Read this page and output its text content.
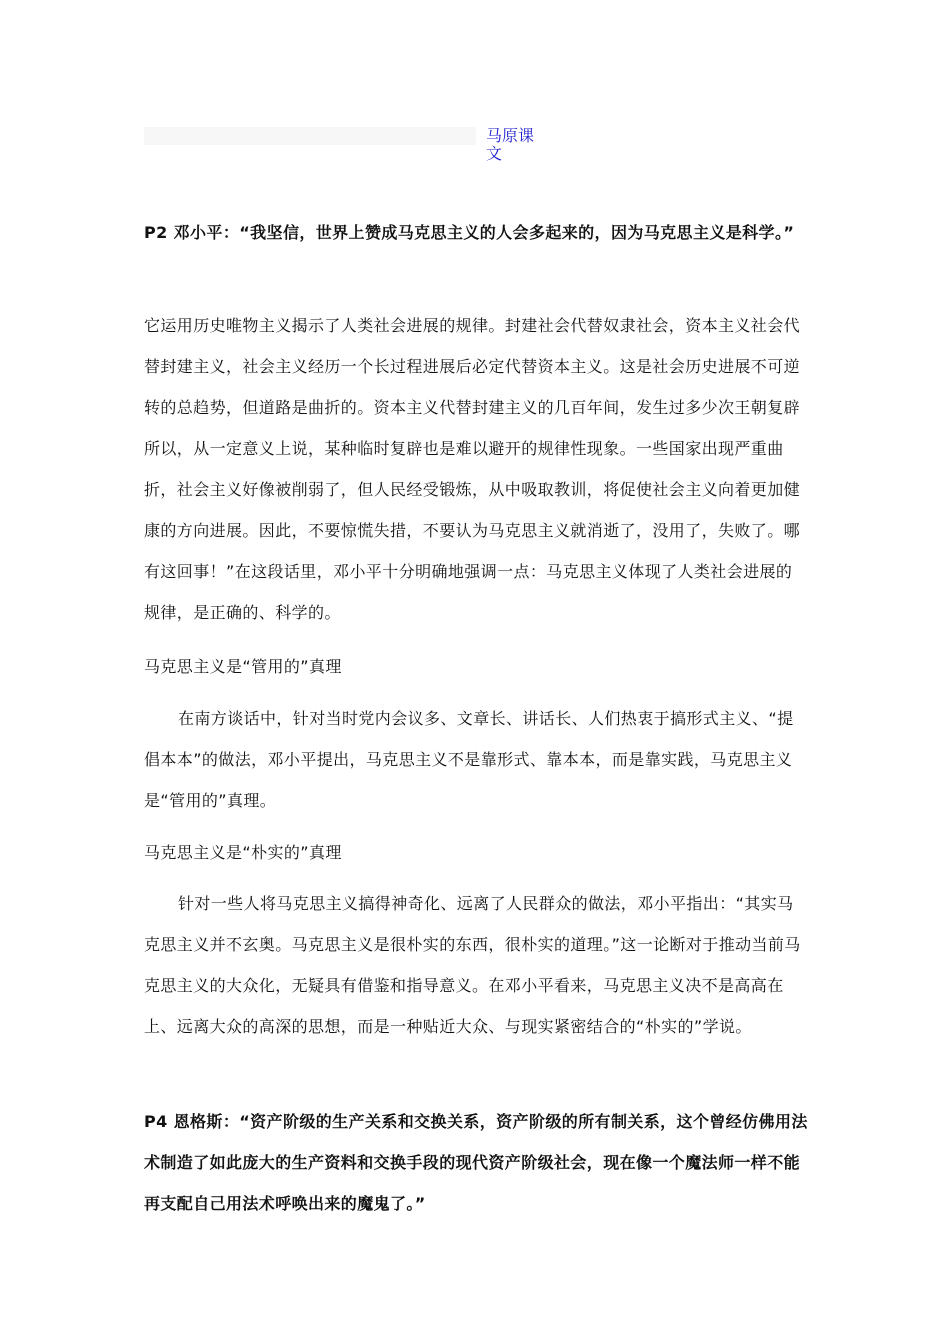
马原课文
P2 邓小平：“我坚信，世界上赞成马克思主义的人会多起来的，因为马克思主义是科学。”
它运用历史唯物主义揭示了人类社会进展的规律。封建社会代替奴隶社会，资本主义社会代替封建主义，社会主义经历一个长过程进展后必定代替资本主义。这是社会历史进展不可逆转的总趋势，但道路是曲折的。资本主义代替封建主义的几百年间，发生过多少次王朝复辟所以，从一定意义上说，某种临时复辟也是难以避开的规律性现象。一些国家出现严重曲折，社会主义好像被削弱了，但人民经受锻炼，从中吸取教训，将促使社会主义向着更加健康的方向进展。因此，不要惊慌失措，不要认为马克思主义就消逝了，没用了，失败了。哪有这回事！”在这段话里，邓小平十分明确地强调一点：马克思主义体现了人类社会进展的规律，是正确的、科学的。
马克思主义是“管用的”真理
在南方谈话中，针对当时党内会议多、文章长、讲话长、人们热衷于搞形式主义、“提倡本本”的做法，邓小平提出，马克思主义不是靠形式、靠本本，而是靠实践，马克思主义是“管用的”真理。
马克思主义是“朴实的”真理
针对一些人将马克思主义搞得神奇化、远离了人民群众的做法，邓小平指出：“其实马克思主义并不玄奥。马克思主义是很朴实的东西，很朴实的道理。”这一论断对于推动当前马克思主义的大众化，无疑具有借鉴和指导意义。在邓小平看来，马克思主义决不是高高在上、远离大众的高深的思想，而是一种贴近大众、与现实紧密结合的“朴实的”学说。
P4 恩格斯：“资产阶级的生产关系和交换关系，资产阶级的所有制关系，这个曾经仿佛用法术制造了如此庞大的生产资料和交换手段的现代资产阶级社会，现在像一个魔法师一样不能再支配自己用法术呼唤出来的魔鬼了。”
